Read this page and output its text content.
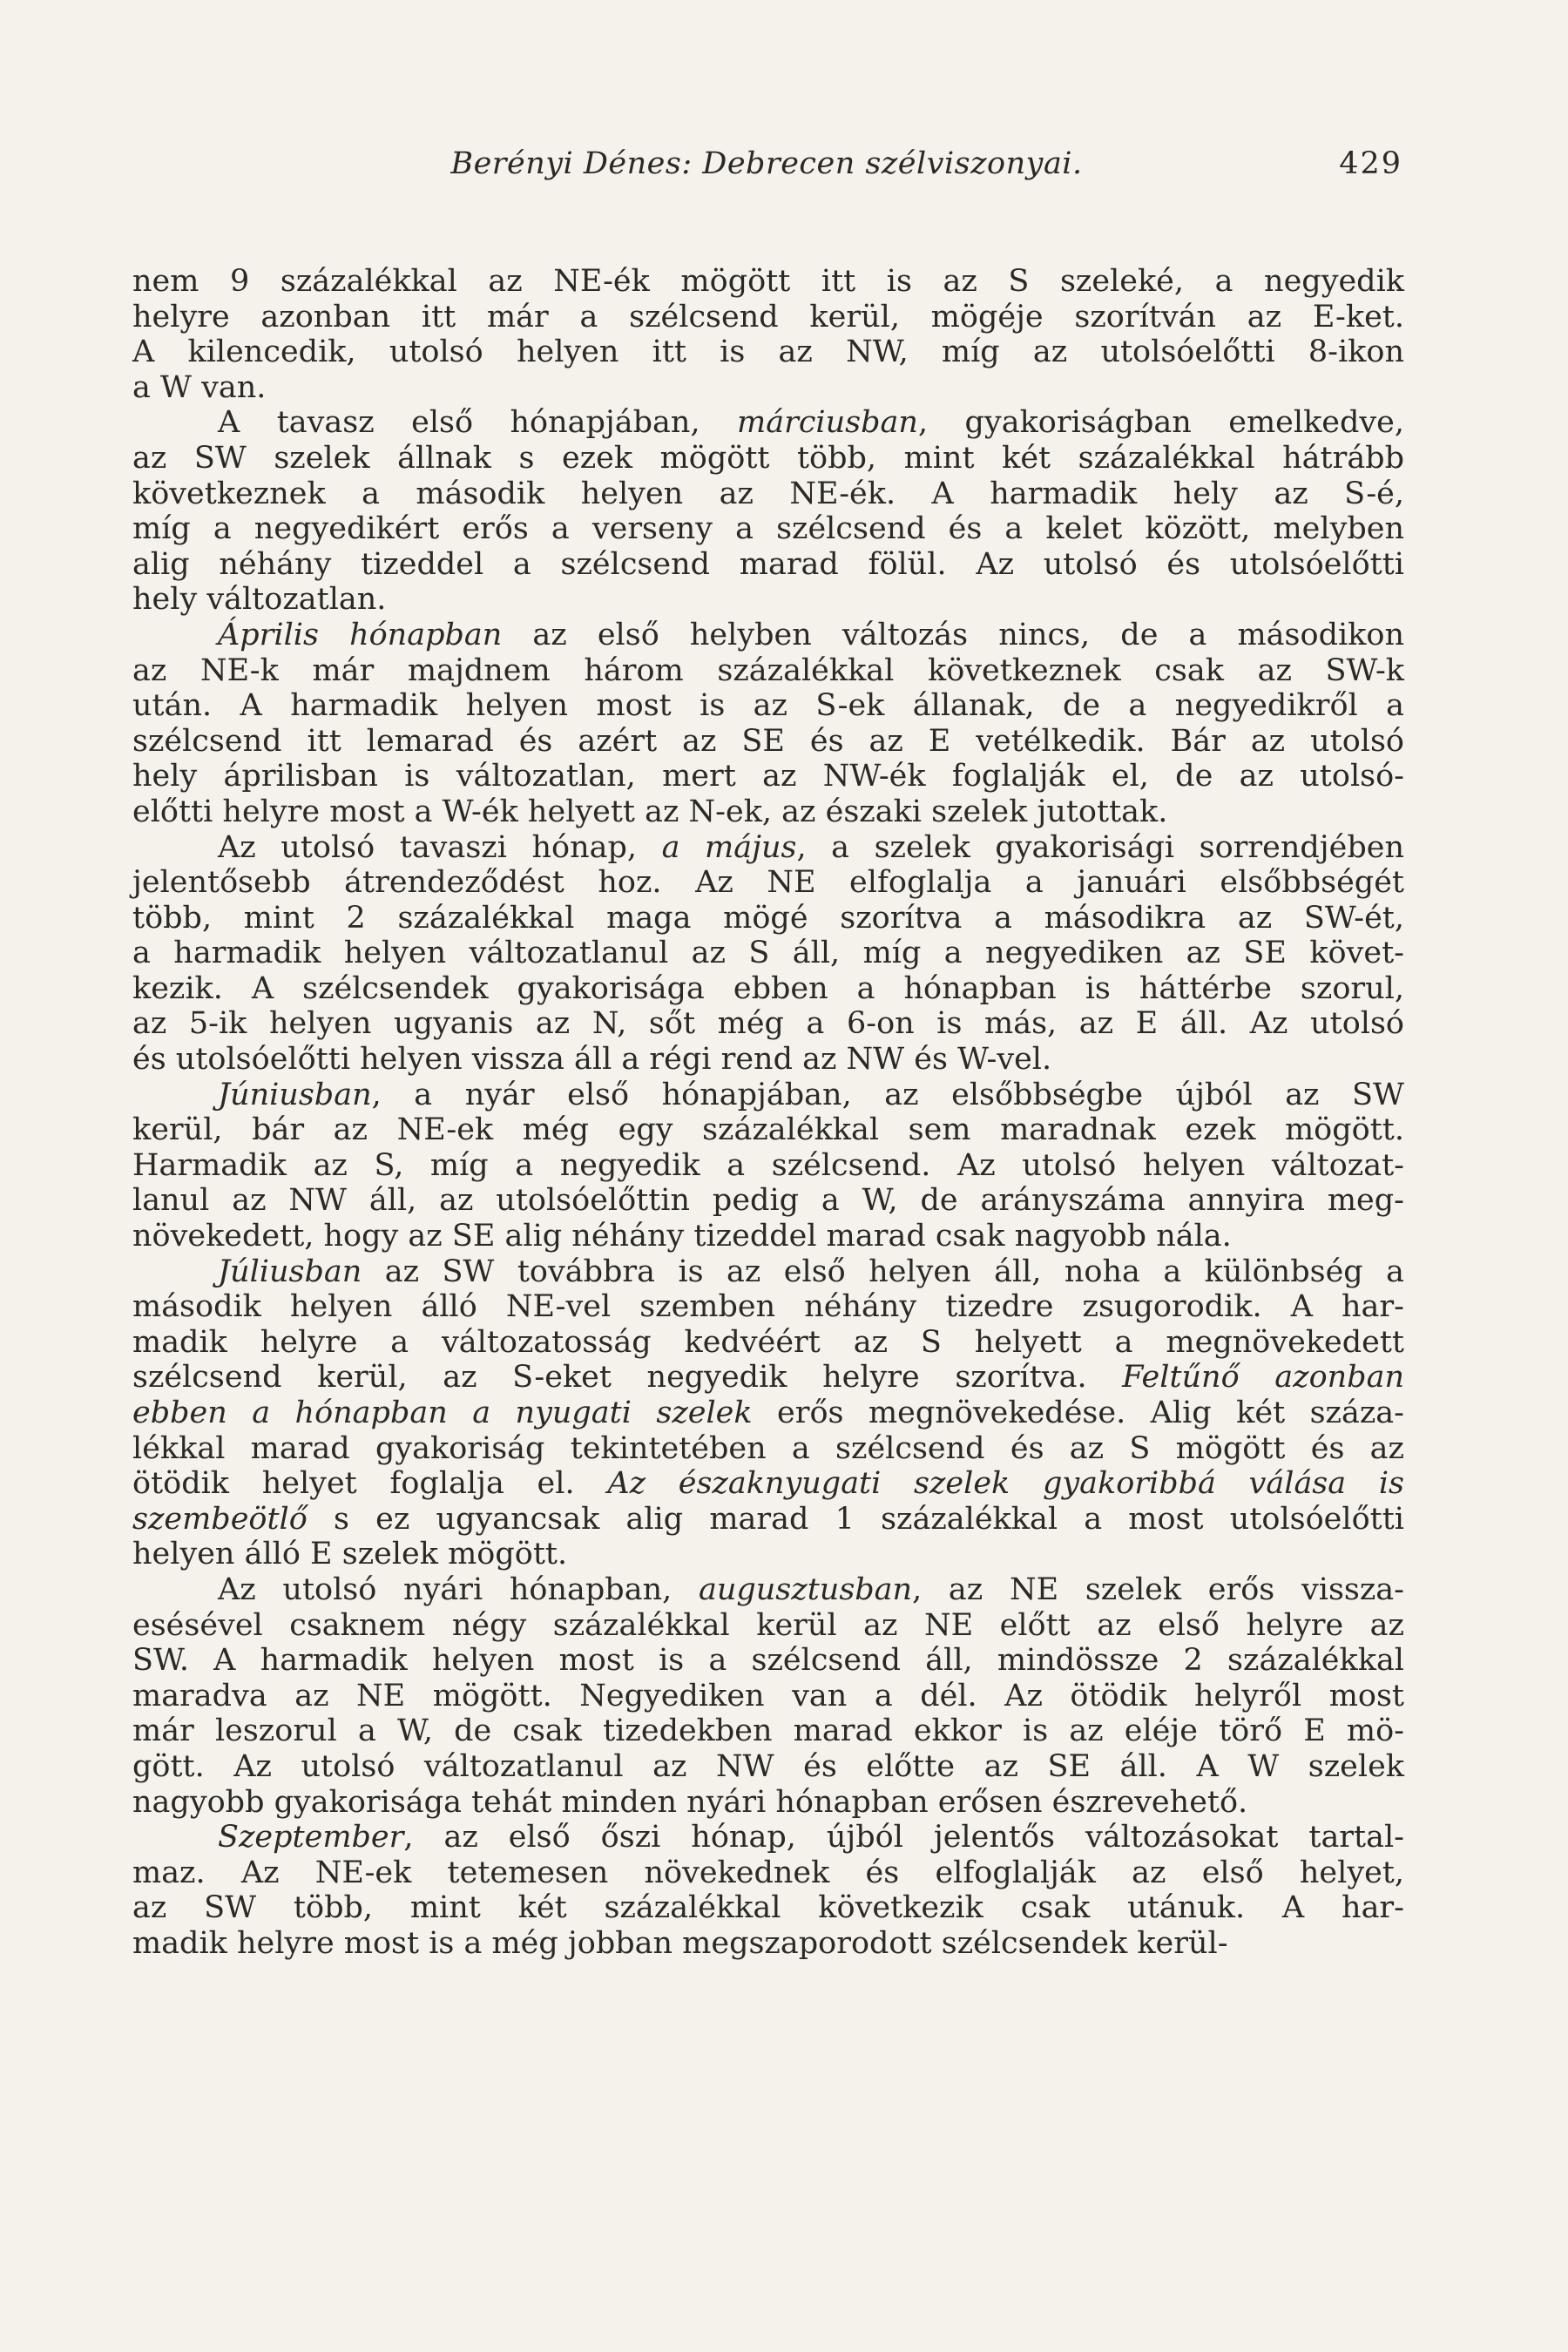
Berényi Dénes: Debrecen szélviszonyai.	429
nem 9 százalékkal az NE-ék mögött itt is az S szeleké, a negyedik
helyre azonban itt már a szélcsend kerül, mögéje szorítván az E-ket.
A kilencedik, utolsó helyen itt is az NW, míg az utolsóelőtti 8-ikon
a W van.
A tavasz első hónapjában, márciusban, gyakoriságban emelkedve,
az SW szelek állnak s ezek mögött több, mint két százalékkal hátrább
következnek a második helyen az NE-ék. A harmadik hely az S-é,
míg a negyedikért erős a verseny a szélcsend és a kelet között, melyben
alig néhány tizeddel a szélcsend marad fölül. Az utolsó és utolsóelőtti
hely változatlan.
Április hónapban az első helyben változás nincs, de a másodikon
az NE-k már majdnem három százalékkal következnek csak az SW-k
után. A harmadik helyen most is az S-ek állanak, de a negyedikről a
szélcsend itt lemarad és azért az SE és az E vetélkedik. Bár az utolsó
hely áprilisban is változatlan, mert az NW-ék foglalják el, de az utolsó-
előtti helyre most a W-ék helyett az N-ek, az északi szelek jutottak.
Az utolsó tavaszi hónap, a május, a szelek gyakorisági sorrendjében
jelentősebb átrendeződést hoz. Az NE elfoglalja a januári elsőbbségét
több, mint 2 százalékkal maga mögé szorítva a másodikra az SW-ét,
a harmadik helyen változatlanul az S áll, míg a negyediken az SE követ-
kezik. A szélcsendek gyakorisága ebben a hónapban is háttérbe szorul,
az 5-ik helyen ugyanis az N, sőt még a 6-on is más, az E áll. Az utolsó
és utolsóelőtti helyen vissza áll a régi rend az NW és W-vel.
Júniusban, a nyár első hónapjában, az elsőbbségbe újból az SW
kerül, bár az NE-ek még egy százalékkal sem maradnak ezek mögött.
Harmadik az S, míg a negyedik a szélcsend. Az utolsó helyen változat-
lanul az NW áll, az utolsóelőttin pedig a W, de arányszáma annyira meg-
növekedett, hogy az SE alig néhány tizeddel marad csak nagyobb nála.
Júliusban az SW továbbra is az első helyen áll, noha a különbség a
második helyen álló NE-vel szemben néhány tizedre zsugorodik. A har-
madik helyre a változatosság kedvéért az S helyett a megnövekedett
szélcsend kerül, az S-eket negyedik helyre szorítva. Feltűnő azonban
ebben a hónapban a nyugati szelek erős megnövekedése. Alig két száza-
lékkal marad gyakoriság tekintetében a szélcsend és az S mögött és az
ötödik helyet foglalja el. Az északnyugati szelek gyakoribbá válása is
szembeötlő s ez ugyancsak alig marad 1 százalékkal a most utolsóelőtti
helyen álló E szelek mögött.
Az utolsó nyári hónapban, augusztusban, az NE szelek erős vissza-
esésével csaknem négy százalékkal kerül az NE előtt az első helyre az
SW. A harmadik helyen most is a szélcsend áll, mindössze 2 százalékkal
maradva az NE mögött. Negyediken van a dél. Az ötödik helyről most
már leszorul a W, de csak tizedekben marad ekkor is az eléje törő E mö-
gött. Az utolsó változatlanul az NW és előtte az SE áll. A W szelek
nagyobb gyakorisága tehát minden nyári hónapban erősen észrevehető.
Szeptember, az első őszi hónap, újból jelentős változásokat tartal-
maz. Az NE-ek tetemesen növekednek és elfoglalják az első helyet,
az SW több, mint két százalékkal következik csak utánuk. A har-
madik helyre most is a még jobban megszaporodott szélcsendek kerül-
